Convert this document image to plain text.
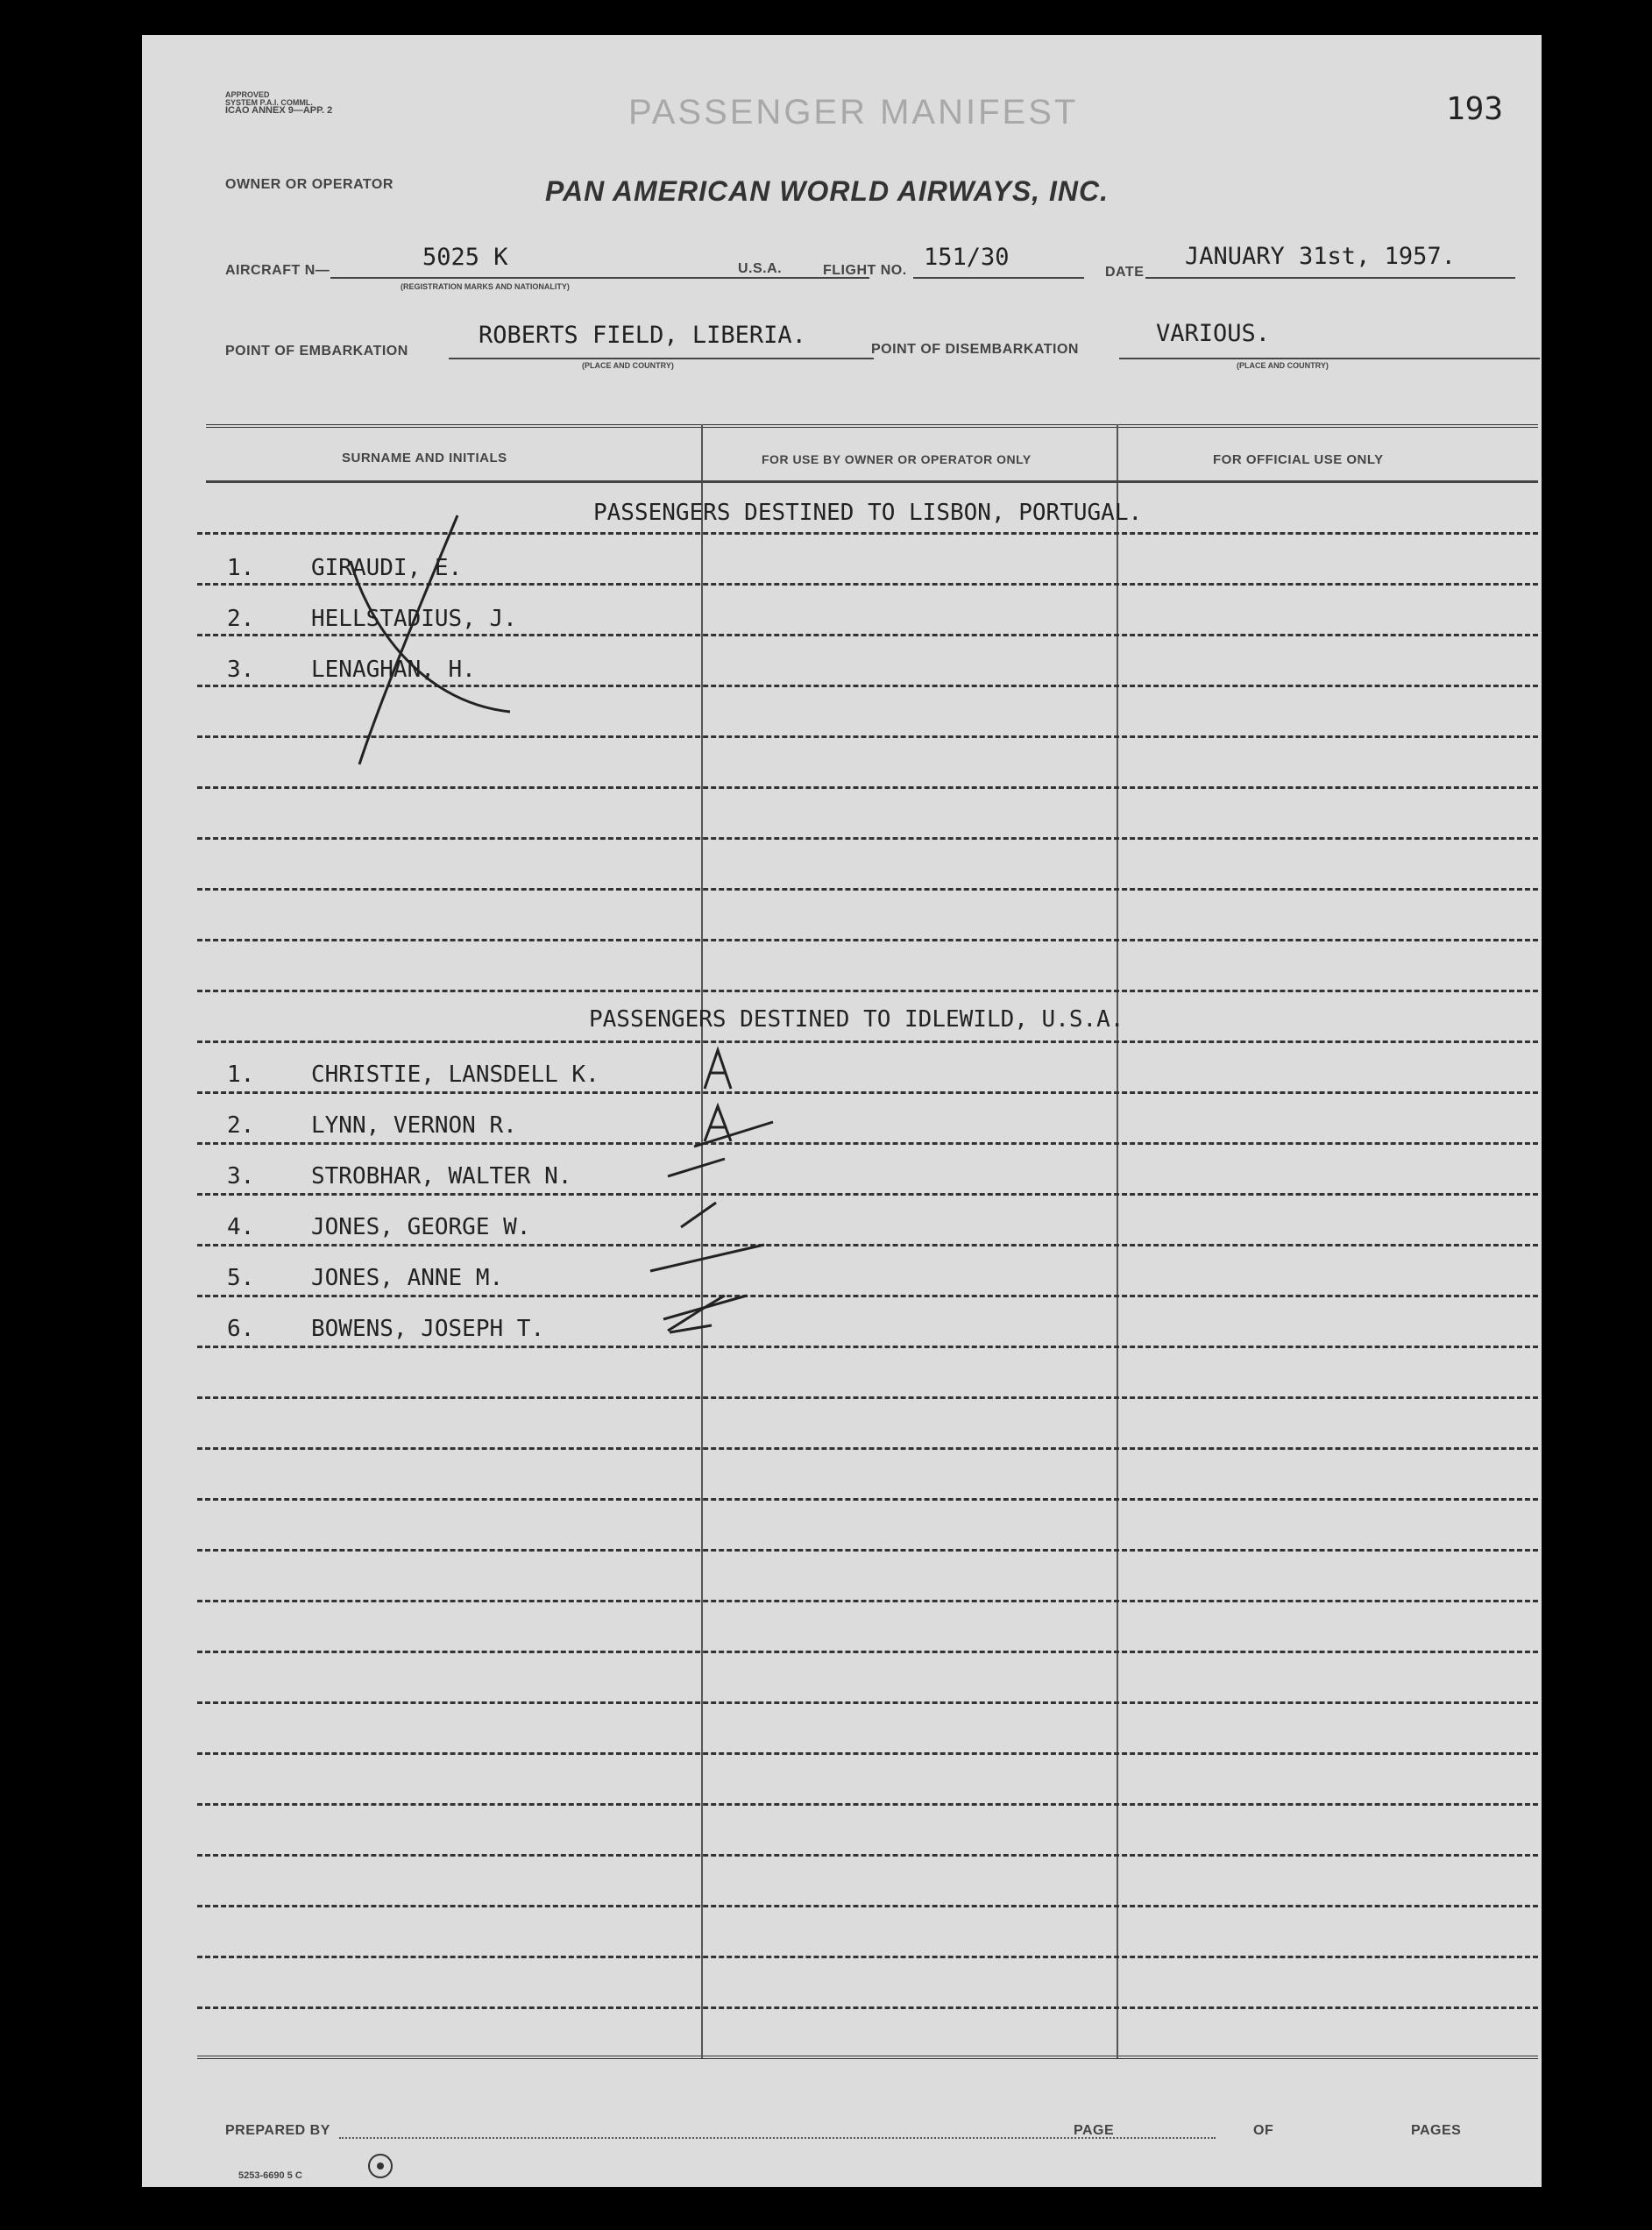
APPROVED
SYSTEM P.A.I. COMML.
ICAO ANNEX 9—APP. 2	PASSENGER MANIFEST	193
OWNER OR OPERATOR	PAN AMERICAN WORLD AIRWAYS, INC.
AIRCRAFT N—	5025 K
(REGISTRATION MARKS AND NATIONALITY)
U.S.A.	FLIGHT NO. 151/30
DATE
JANUARY 31st, 1957.
POINT OF EMBARKATION
ROBERTS FIELD, LIBERIA.
(PLACE AND COUNTRY)
POINT OF DISEMBARKATION
VARIOUS.
(PLACE AND COUNTRY)
SURNAME AND INITIALS	FOR USE BY OWNER OR OPERATOR ONLY	FOR OFFICIAL USE ONLY
PASSENGERS DESTINED TO LISBON, PORTUGAL.
1. GIRAUDI, E.
2. HELLSTADIUS, J.
3. LENAGHAN, H.
PASSENGERS DESTINED TO IDLEWILD, U.S.A.
1. CHRISTIE, LANSDELL K.
2. LYNN, VERNON R.
3. STROBHAR, WALTER N.
4. JONES, GEORGE W.
5. JONES, ANNE M.
6. BOWENS, JOSEPH T.
PREPARED BY	PAGE	OF	PAGES
5253-6690 5 C
